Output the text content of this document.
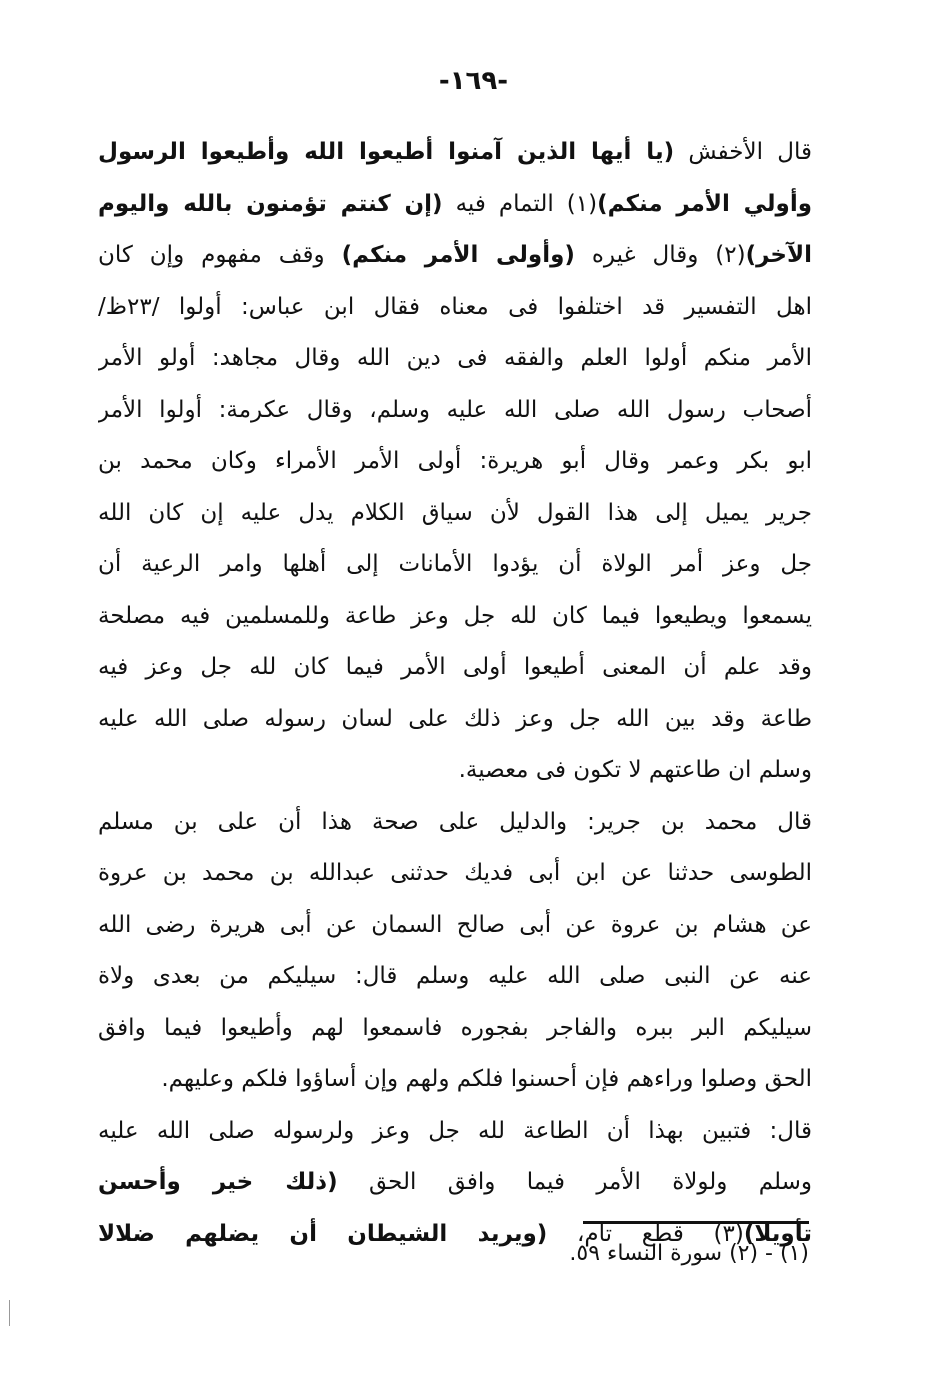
-١٦٩-
قال الأخفش (يا أيها الذين آمنوا أطيعوا الله وأطيعوا الرسول
وأولي الأمر منكم)(١) التمام فيه (إن كنتم تؤمنون بالله واليوم
الآخر)(٢) وقال غيره (وأولى الأمر منكم) وقف مفهوم وإن كان
اهل التفسير قد اختلفوا فى معناه فقال ابن عباس: أولوا /٢٣ظ/
الأمر منكم أولوا العلم والفقه فى دين الله وقال مجاهد: أولو الأمر
أصحاب رسول الله صلى الله عليه وسلم، وقال عكرمة: أولوا الأمر
ابو بكر وعمر وقال أبو هريرة: أولى الأمر الأمراء وكان محمد بن
جرير يميل إلى هذا القول لأن سياق الكلام يدل عليه إن كان الله
جل وعز أمر الولاة أن يؤدوا الأمانات إلى أهلها وامر الرعية أن
يسمعوا ويطيعوا فيما كان لله جل وعز طاعة وللمسلمين فيه مصلحة
وقد علم أن المعنى أطيعوا أولى الأمر فيما كان لله جل وعز فيه
طاعة وقد بين الله جل وعز ذلك على لسان رسوله صلى الله عليه
وسلم ان طاعتهم لا تكون فى معصية.
قال محمد بن جرير: والدليل على صحة هذا أن على بن مسلم
الطوسى حدثنا عن ابن أبى فديك حدثنى عبدالله بن محمد بن عروة
عن هشام بن عروة عن أبى صالح السمان عن أبى هريرة رضى الله
عنه عن النبى صلى الله عليه وسلم قال: سيليكم من بعدى ولاة
سيليكم البر ببره والفاجر بفجوره فاسمعوا لهم وأطيعوا فيما وافق
الحق وصلوا وراءهم فإن أحسنوا فلكم ولهم وإن أساؤوا فلكم وعليهم.
قال: فتبين بهذا أن الطاعة لله جل وعز ولرسوله صلى الله عليه
وسلم ولولاة الأمر فيما وافق الحق (ذلك خير وأحسن
تأويلا)(٣) قطع تام، (ويريد الشيطان أن يضلهم ضلالا
(١) - (٢) سورة النساء ٥٩.
